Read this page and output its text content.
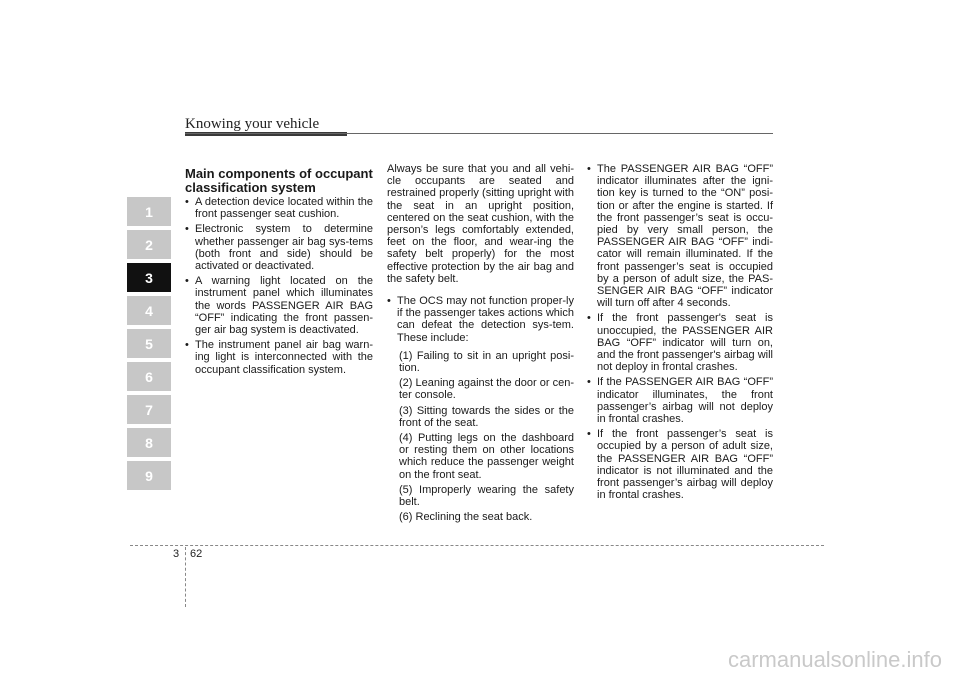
Knowing your vehicle
1
2
3
4
5
6
7
8
9
Main components of occupant classification system
• A detection device located within the front passenger seat cushion.
• Electronic system to determine whether passenger air bag sys-tems (both front and side) should be activated or deactivated.
• A warning light located on the instrument panel which illuminates the words PASSENGER AIR BAG “OFF” indicating the front passen-ger air bag system is deactivated.
• The instrument panel air bag warn-ing light is interconnected with the occupant classification system.

Always be sure that you and all vehi-cle occupants are seated and restrained properly (sitting upright with the seat in an upright position, centered on the seat cushion, with the person’s legs comfortably extended, feet on the floor, and wear-ing the safety belt properly) for the most effective protection by the air bag and the safety belt.

• The OCS may not function proper-ly if the passenger takes actions which can defeat the detection sys-tem. These include:
(1) Failing to sit in an upright posi-tion.
(2) Leaning against the door or cen-ter console.
(3) Sitting towards the sides or the front of the seat.
(4) Putting legs on the dashboard or resting them on other locations which reduce the passenger weight on the front seat.
(5) Improperly wearing the safety belt.
(6) Reclining the seat back.
• The PASSENGER AIR BAG “OFF” indicator illuminates after the igni-tion key is turned to the “ON” posi-tion or after the engine is started. If the front passenger’s seat is occu-pied by very small person, the PASSENGER AIR BAG “OFF” indi-cator will remain illuminated. If the front passenger’s seat is occupied by a person of adult size, the PAS-SENGER AIR BAG “OFF” indicator will turn off after 4 seconds.
• If the front passenger's seat is unoccupied, the PASSENGER AIR BAG “OFF” indicator will turn on, and the front passenger's airbag will not deploy in frontal crashes.
• If the PASSENGER AIR BAG “OFF” indicator illuminates, the front passenger’s airbag will not deploy in frontal crashes.
• If the front passenger’s seat is occupied by a person of adult size, the PASSENGER AIR BAG “OFF” indicator is not illuminated and the front passenger’s airbag will deploy in frontal crashes.
3 62
carmanualsonline.info
